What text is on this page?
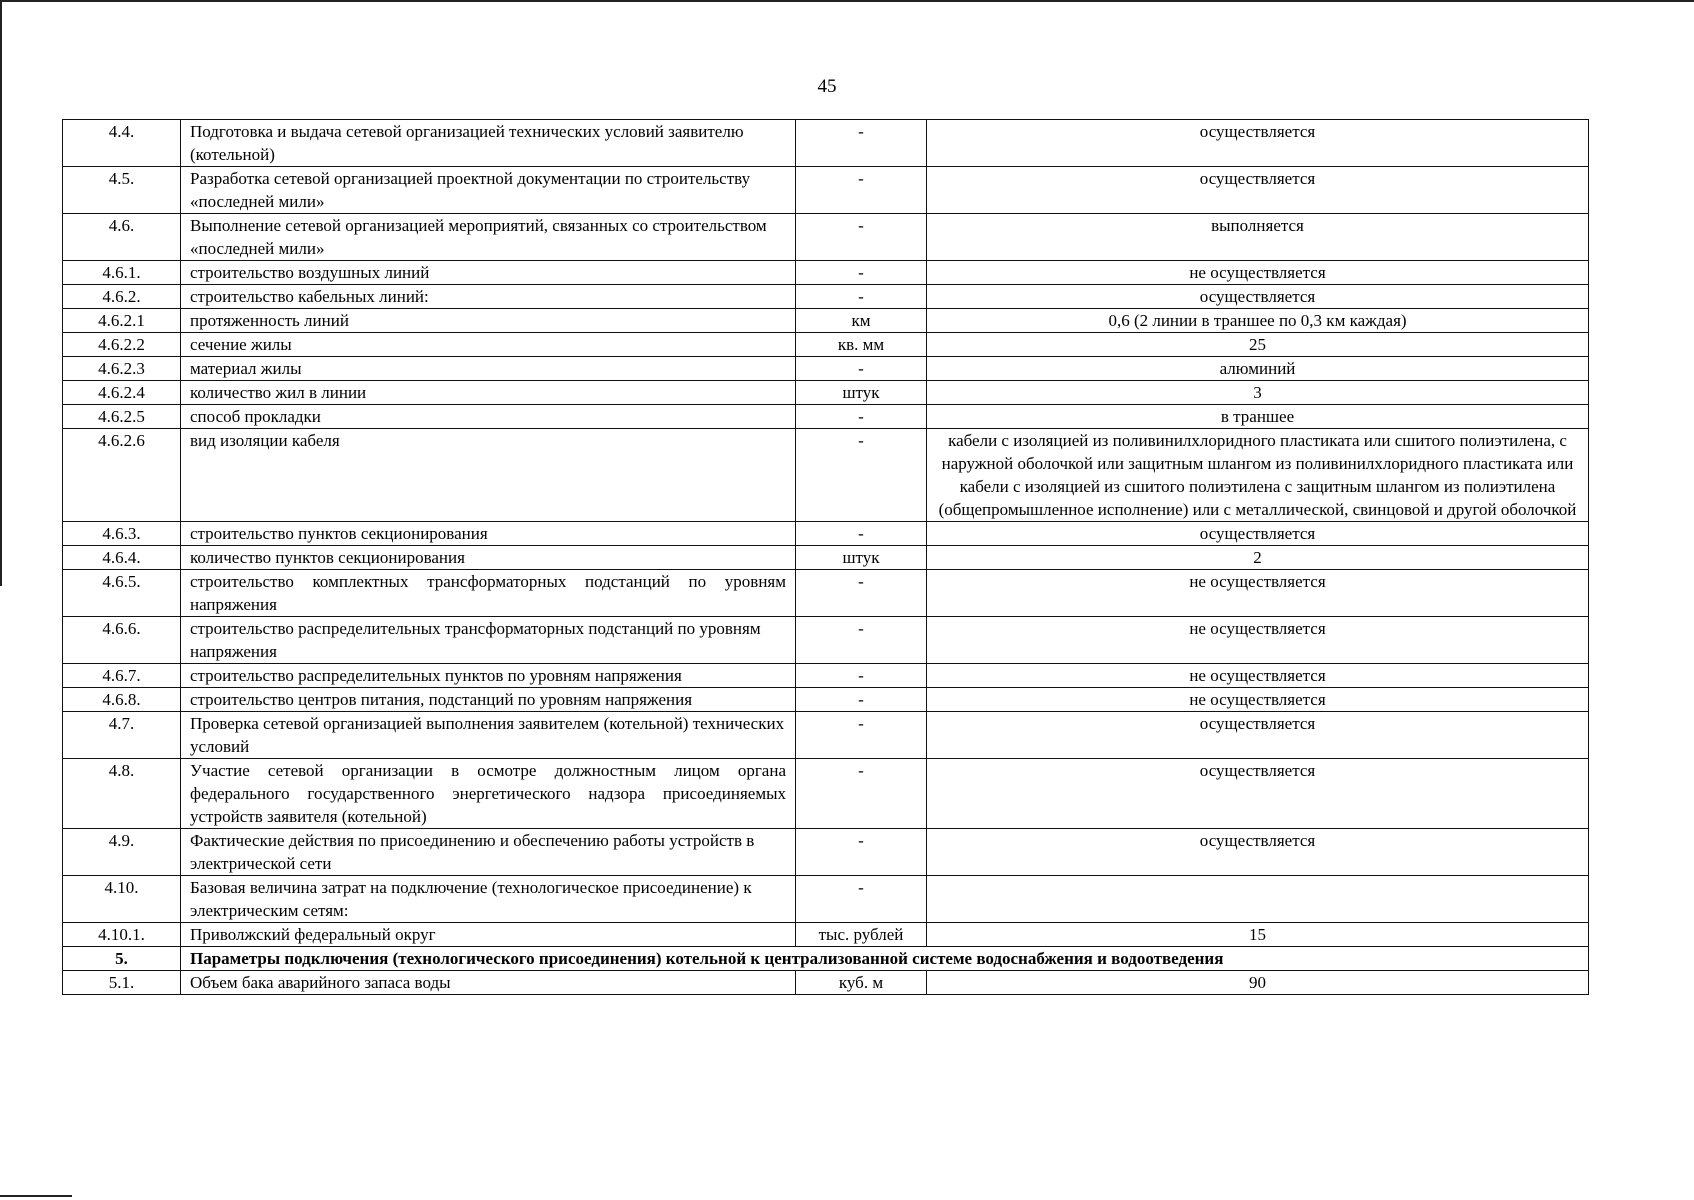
45
4.4.	Подготовка и выдача сетевой организацией технических условий заявителю (котельной)	-	осуществляется
4.5.	Разработка сетевой организацией проектной документации по строительству «последней мили»	-	осуществляется
4.6.	Выполнение сетевой организацией мероприятий, связанных со строительством «последней мили»	-	выполняется
4.6.1.	строительство воздушных линий	-	не осуществляется
4.6.2.	строительство кабельных линий:	-	осуществляется
4.6.2.1	протяженность линий	км	0,6 (2 линии в траншее по 0,3 км каждая)
4.6.2.2	сечение жилы	кв. мм	25
4.6.2.3	материал жилы	-	алюминий
4.6.2.4	количество жил в линии	штук	3
4.6.2.5	способ прокладки	-	в траншее
4.6.2.6	вид изоляции кабеля	-	кабели с изоляцией из поливинилхлоридного пластиката или сшитого полиэтилена, с наружной оболочкой или защитным шлангом из поливинилхлоридного пластиката или кабели с изоляцией из сшитого полиэтилена с защитным шлангом из полиэтилена (общепромышленное исполнение) или с металлической, свинцовой и другой оболочкой
4.6.3.	строительство пунктов секционирования	-	осуществляется
4.6.4.	количество пунктов секционирования	штук	2
4.6.5.	строительство комплектных трансформаторных подстанций по уровням напряжения	-	не осуществляется
4.6.6.	строительство распределительных трансформаторных подстанций по уровням напряжения	-	не осуществляется
4.6.7.	строительство распределительных пунктов по уровням напряжения	-	не осуществляется
4.6.8.	строительство центров питания, подстанций по уровням напряжения	-	не осуществляется
4.7.	Проверка сетевой организацией выполнения заявителем (котельной) технических условий	-	осуществляется
4.8.	Участие сетевой организации в осмотре должностным лицом органа федерального государственного энергетического надзора присоединяемых устройств заявителя (котельной)	-	осуществляется
4.9.	Фактические действия по присоединению и обеспечению работы устройств в электрической сети	-	осуществляется
4.10.	Базовая величина затрат на подключение (технологическое присоединение) к электрическим сетям:	-	
4.10.1.	Приволжский федеральный округ	тыс. рублей	15
5.	Параметры подключения (технологического присоединения) котельной к централизованной системе водоснабжения и водоотведения		
5.1.	Объем бака аварийного запаса воды	куб. м	90
